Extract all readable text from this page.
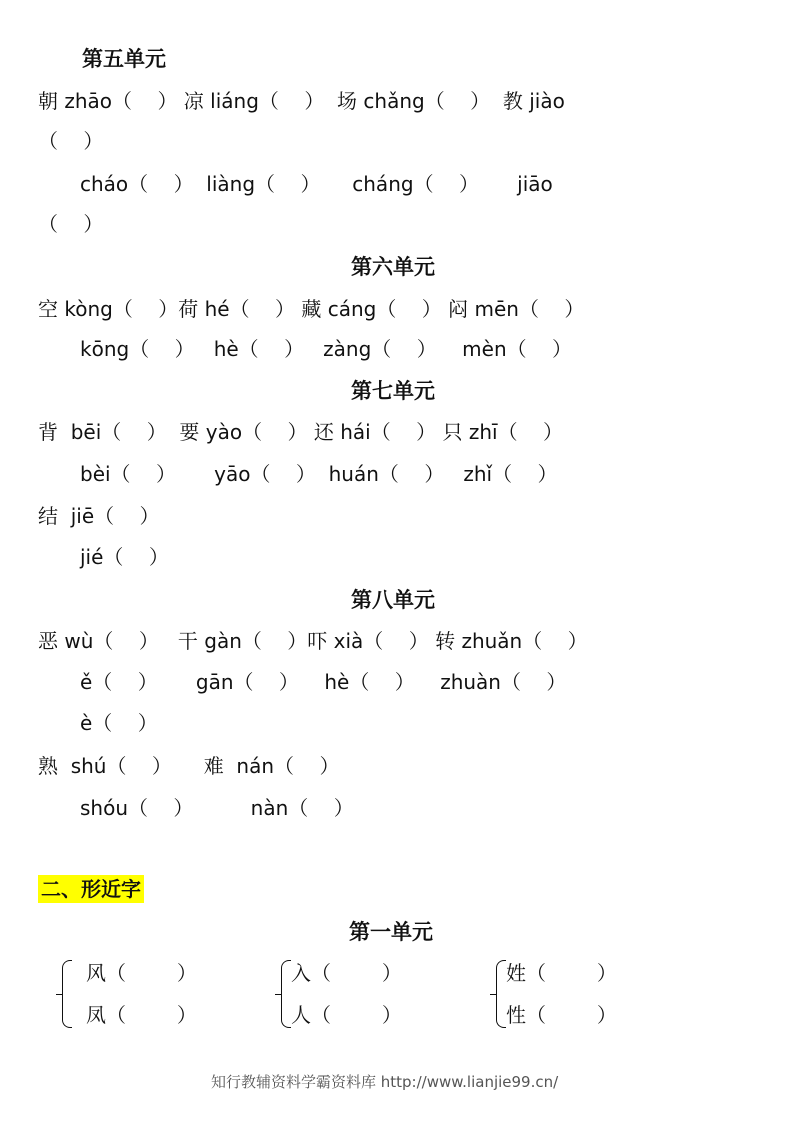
第五单元
朝 zhāo（    ） 凉 liáng（    ）  场 chǎng（    ）  教 jiào
（    ）
cháo（    ）  liàng（    ）     cháng（    ）      jiāo
（    ）
第六单元
空 kòng（    ）荷 hé（    ） 藏 cáng（    ） 闷 mēn（    ）
kōng（    ）   hè（    ）   zàng（    ）    mèn（    ）
第七单元
背  bēi（    ）  要 yào（    ） 还 hái（    ） 只 zhī（    ）
bèi（    ）      yāo（    ）  huán（    ）   zhǐ（    ）
结  jiē（    ）
jié（    ）
第八单元
恶 wù（    ）   干 gàn（    ）吓 xià（    ） 转 zhuǎn（    ）
ě（    ）      gān（    ）    hè（    ）    zhuàn（    ）
è（    ）
熟  shú（    ）     难  nán（    ）
shóu（    ）         nàn（    ）
二、形近字
第一单元
风（        ）
凤（        ）
入（        ）
人（        ）
姓（        ）
性（        ）
知行教辅资料学霸资料库 http://www.lianjie99.cn/
